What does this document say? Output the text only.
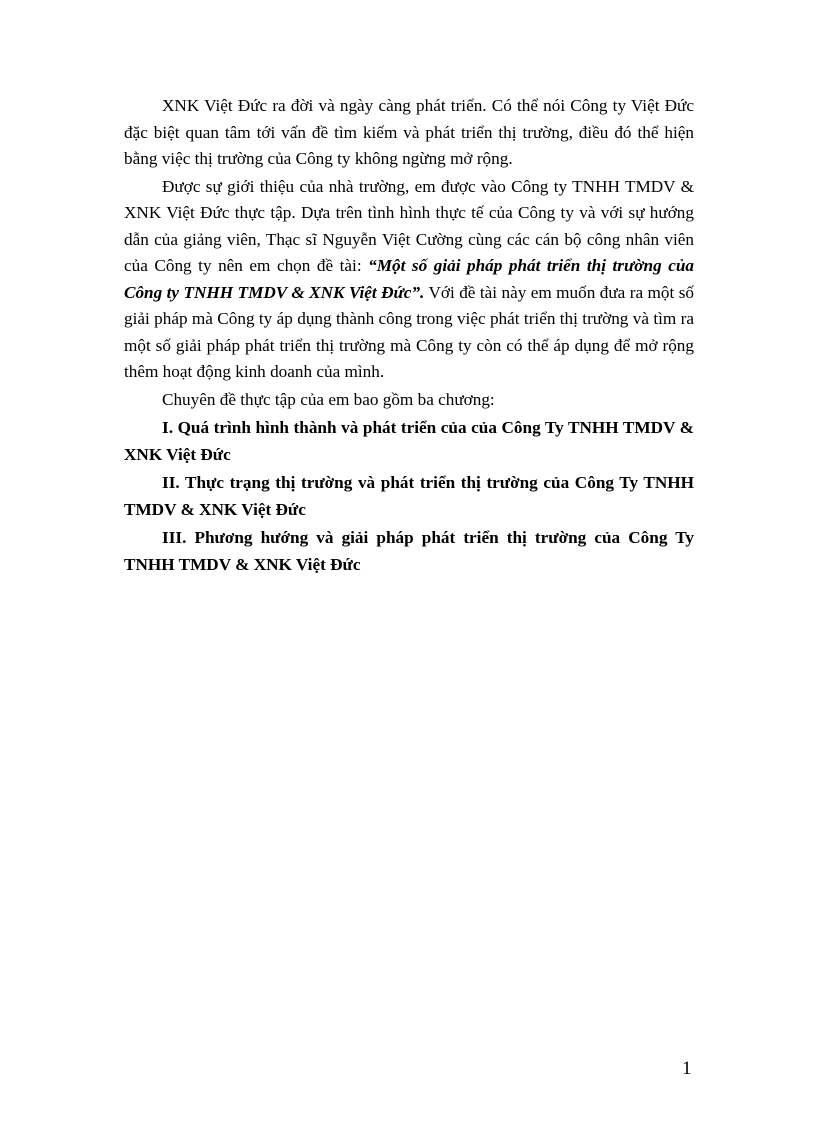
XNK Việt Đức ra đời và ngày càng phát triển. Có thể nói Công ty Việt Đức đặc biệt quan tâm tới vấn đề tìm kiếm và phát triển thị trường, điều đó thể hiện bằng việc thị trường của Công ty không ngừng mở rộng.

Được sự giới thiệu của nhà trường, em được vào Công ty TNHH TMDV & XNK Việt Đức thực tập. Dựa trên tình hình thực tế của Công ty và với sự hướng dẫn của giảng viên, Thạc sĩ Nguyễn Việt Cường cùng các cán bộ công nhân viên của Công ty nên em chọn đề tài: “Một số giải pháp phát triển thị trường của Công ty TNHH TMDV & XNK Việt Đức”. Với đề tài này em muốn đưa ra một số giải pháp mà Công ty áp dụng thành công trong việc phát triển thị trường và tìm ra một số giải pháp phát triển thị trường mà Công ty còn có thể áp dụng để mở rộng thêm hoạt động kinh doanh của mình.

Chuyên đề thực tập của em bao gồm ba chương:

I. Quá trình hình thành và phát triển của của Công Ty TNHH TMDV & XNK Việt Đức

II. Thực trạng thị trường và phát triển thị trường của Công Ty TNHH TMDV & XNK Việt Đức

III. Phương hướng và giải pháp phát triển thị trường của Công Ty TNHH TMDV & XNK Việt Đức

1
